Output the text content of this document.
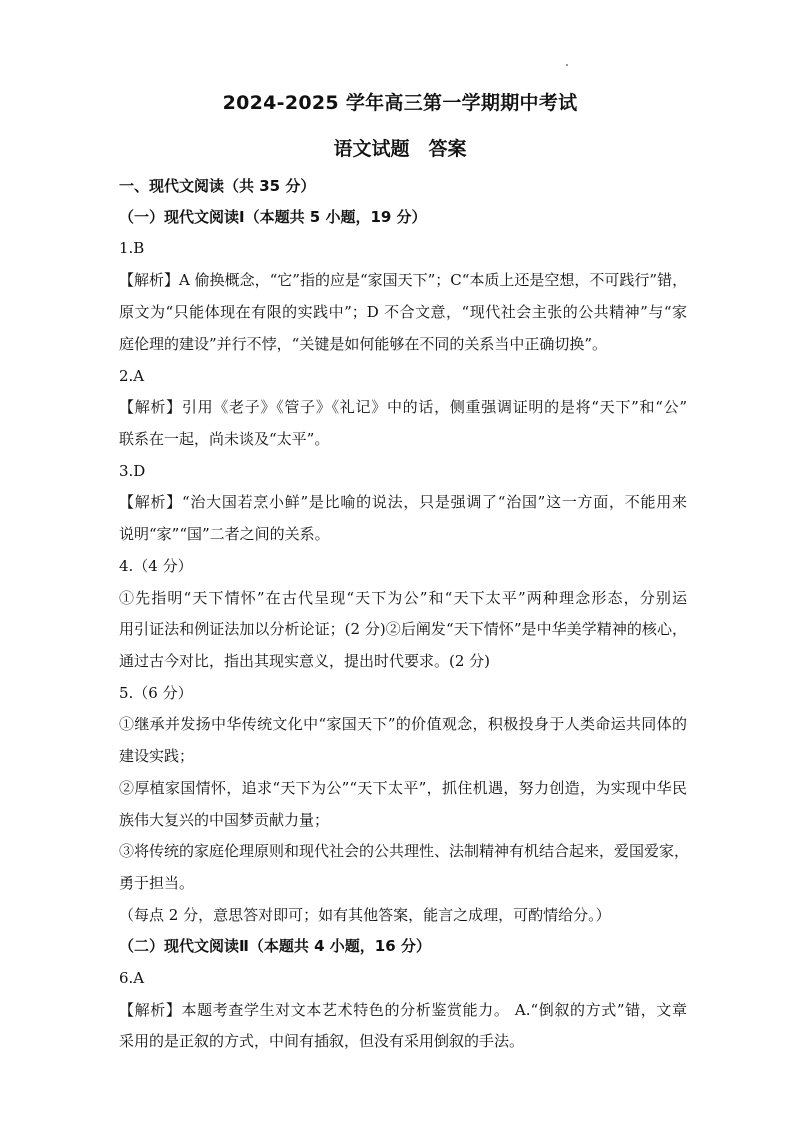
2024-2025 学年高三第一学期期中考试
语文试题　答案
一、现代文阅读（共 35 分）
（一）现代文阅读Ⅰ（本题共 5 小题，19 分）
1.B
【解析】A 偷换概念，“它”指的应是“家国天下”；C“本质上还是空想，不可践行”错，
原文为“只能体现在有限的实践中”；D 不合文意，“现代社会主张的公共精神”与“家
庭伦理的建设”并行不悖，“关键是如何能够在不同的关系当中正确切换”。
2.A
【解析】引用《老子》《管子》《礼记》中的话，侧重强调证明的是将“天下”和“公”
联系在一起，尚未谈及“太平”。
3.D
【解析】“治大国若烹小鲜”是比喻的说法，只是强调了“治国”这一方面，不能用来
说明“家”“国”二者之间的关系。
4.（4 分）
①先指明“天下情怀”在古代呈现“天下为公”和“天下太平”两种理念形态，分别运
用引证法和例证法加以分析论证；(2 分)②后阐发“天下情怀”是中华美学精神的核心，
通过古今对比，指出其现实意义，提出时代要求。(2 分)
5.（6 分）
①继承并发扬中华传统文化中“家国天下”的价值观念，积极投身于人类命运共同体的
建设实践；
②厚植家国情怀，追求“天下为公”“天下太平”，抓住机遇，努力创造，为实现中华民
族伟大复兴的中国梦贡献力量；
③将传统的家庭伦理原则和现代社会的公共理性、法制精神有机结合起来，爱国爱家，
勇于担当。
（每点 2 分，意思答对即可；如有其他答案，能言之成理，可酌情给分。）
（二）现代文阅读Ⅱ（本题共 4 小题，16 分）
6.A
【解析】本题考查学生对文本艺术特色的分析鉴赏能力。 A.“倒叙的方式”错，文章
采用的是正叙的方式，中间有插叙，但没有采用倒叙的手法。
